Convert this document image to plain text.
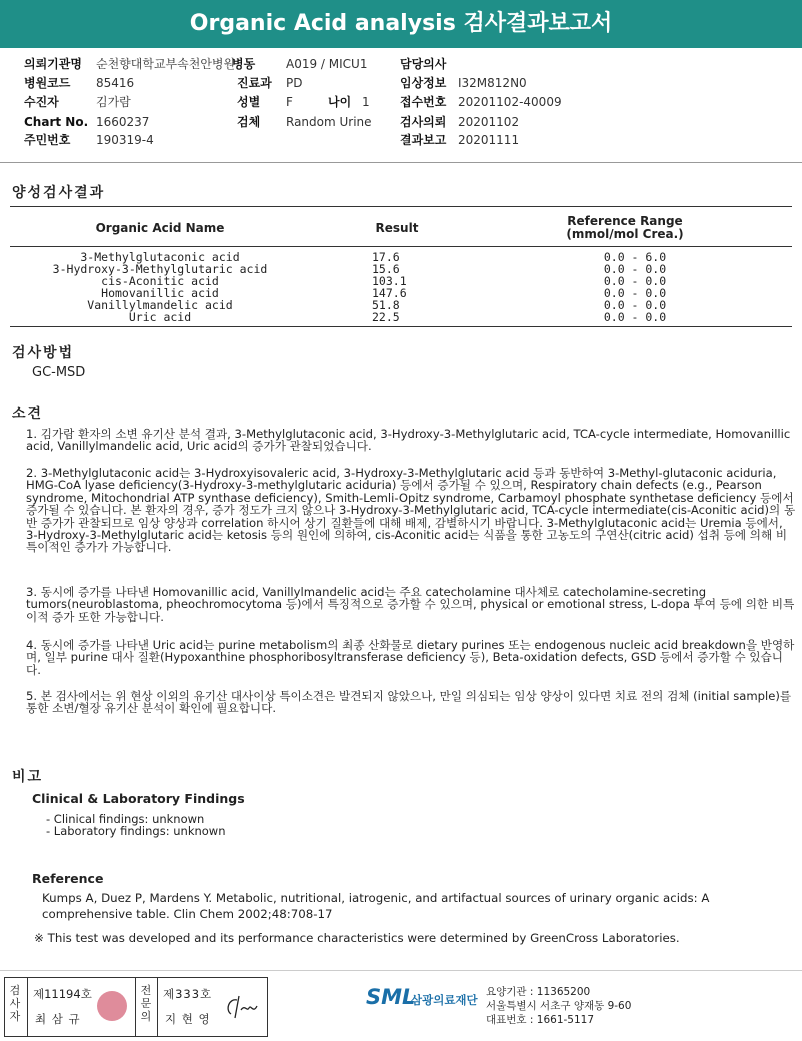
Organic Acid analysis 검사결과보고서
의뢰기관명 순천향대학교부속천안병원
병동	A019 / MICU1	담당의사
병원코드 85416	진료과 PD	임상정보 I32M812N0
수진자	김가람	성별 F	나이 1	접수번호 20201102-40009
Chart No. 1660237	검체 Random Urine 검사의뢰 20201102
주민번호 190319-4	결과보고 20201111
양성검사결과
Organic Acid Name	Result	Reference Range
(mmol/mol Crea.)
3-Methylglutaconic acid	17.6	0.0 - 6.0
3-Hydroxy-3-Methylglutaric acid	15.6	0.0 - 0.0
cis-Aconitic acid	103.1	0.0 - 0.0
Homovanillic acid	147.6	0.0 - 0.0
Vanillylmandelic acid	51.8	0.0 - 0.0
Uric acid	22.5	0.0 - 0.0
검사방법
GC-MSD
소견
1. 김가람 환자의 소변 유기산 분석 결과, 3-Methylglutaconic acid, 3-Hydroxy-3-Methylglutaric acid, TCA-cycle intermediate, Homovanillic acid, Vanillylmandelic acid, Uric acid의 증가가 관찰되었습니다.
2. 3-Methylglutaconic acid는 3-Hydroxyisovaleric acid, 3-Hydroxy-3-Methylglutaric acid 등과 동반하여 3-Methyl-glutaconic aciduria, HMG-CoA lyase deficiency(3-Hydroxy-3-methylglutaric aciduria) 등에서 증가될 수 있으며, Respiratory chain defects (e.g., Pearson syndrome, Mitochondrial ATP synthase deficiency), Smith-Lemli-Opitz syndrome, Carbamoyl phosphate synthetase deficiency 등에서 증가될 수 있습니다. 본 환자의 경우, 증가 정도가 크지 않으나 3-Hydroxy-3-Methylglutaric acid, TCA-cycle intermediate(cis-Aconitic acid)의 동반 증가가 관찰되므로 임상 양상과 correlation 하시어 상기 질환들에 대해 배제, 감별하시기 바랍니다. 3-Methylglutaconic acid는 Uremia 등에서, 3-Hydroxy-3-Methylglutaric acid는 ketosis 등의 원인에 의하여, cis-Aconitic acid는 식품을 통한 고농도의 구연산(citric acid) 섭취 등에 의해 비특이적인 증가가 가능합니다.
3. 동시에 증가를 나타낸 Homovanillic acid, Vanillylmandelic acid는 주요 catecholamine 대사체로 catecholamine-secreting tumors(neuroblastoma, pheochromocytoma 등)에서 특징적으로 증가할 수 있으며, physical or emotional stress, L-dopa 투여 등에 의한 비특이적 증가 또한 가능합니다.
4. 동시에 증가를 나타낸 Uric acid는 purine metabolism의 최종 산화물로 dietary purines 또는 endogenous nucleic acid breakdown을 반영하며, 일부 purine 대사 질환(Hypoxanthine phosphoribosyltransferase deficiency 등), Beta-oxidation defects, GSD 등에서 증가할 수 있습니다.
5. 본 검사에서는 위 현상 이외의 유기산 대사이상 특이소견은 발견되지 않았으나, 만일 의심되는 임상 양상이 있다면 치료 전의 검체 (initial sample)를 통한 소변/혈장 유기산 분석이 확인에 필요합니다.
비고
Clinical & Laboratory Findings
- Clinical findings: unknown
- Laboratory findings: unknown
Reference
Kumps A, Duez P, Mardens Y. Metabolic, nutritional, iatrogenic, and artifactual sources of urinary organic acids: A comprehensive table. Clin Chem 2002;48:708-17
※ This test was developed and its performance characteristics were determined by GreenCross Laboratories.
검사자
제11194호
최 삼 규
전문의
제333호
지 현 영
SML
삼광의료재단
요양기관 : 11365200
서울특별시 서초구 양재동 9-60
대표번호 : 1661-5117
